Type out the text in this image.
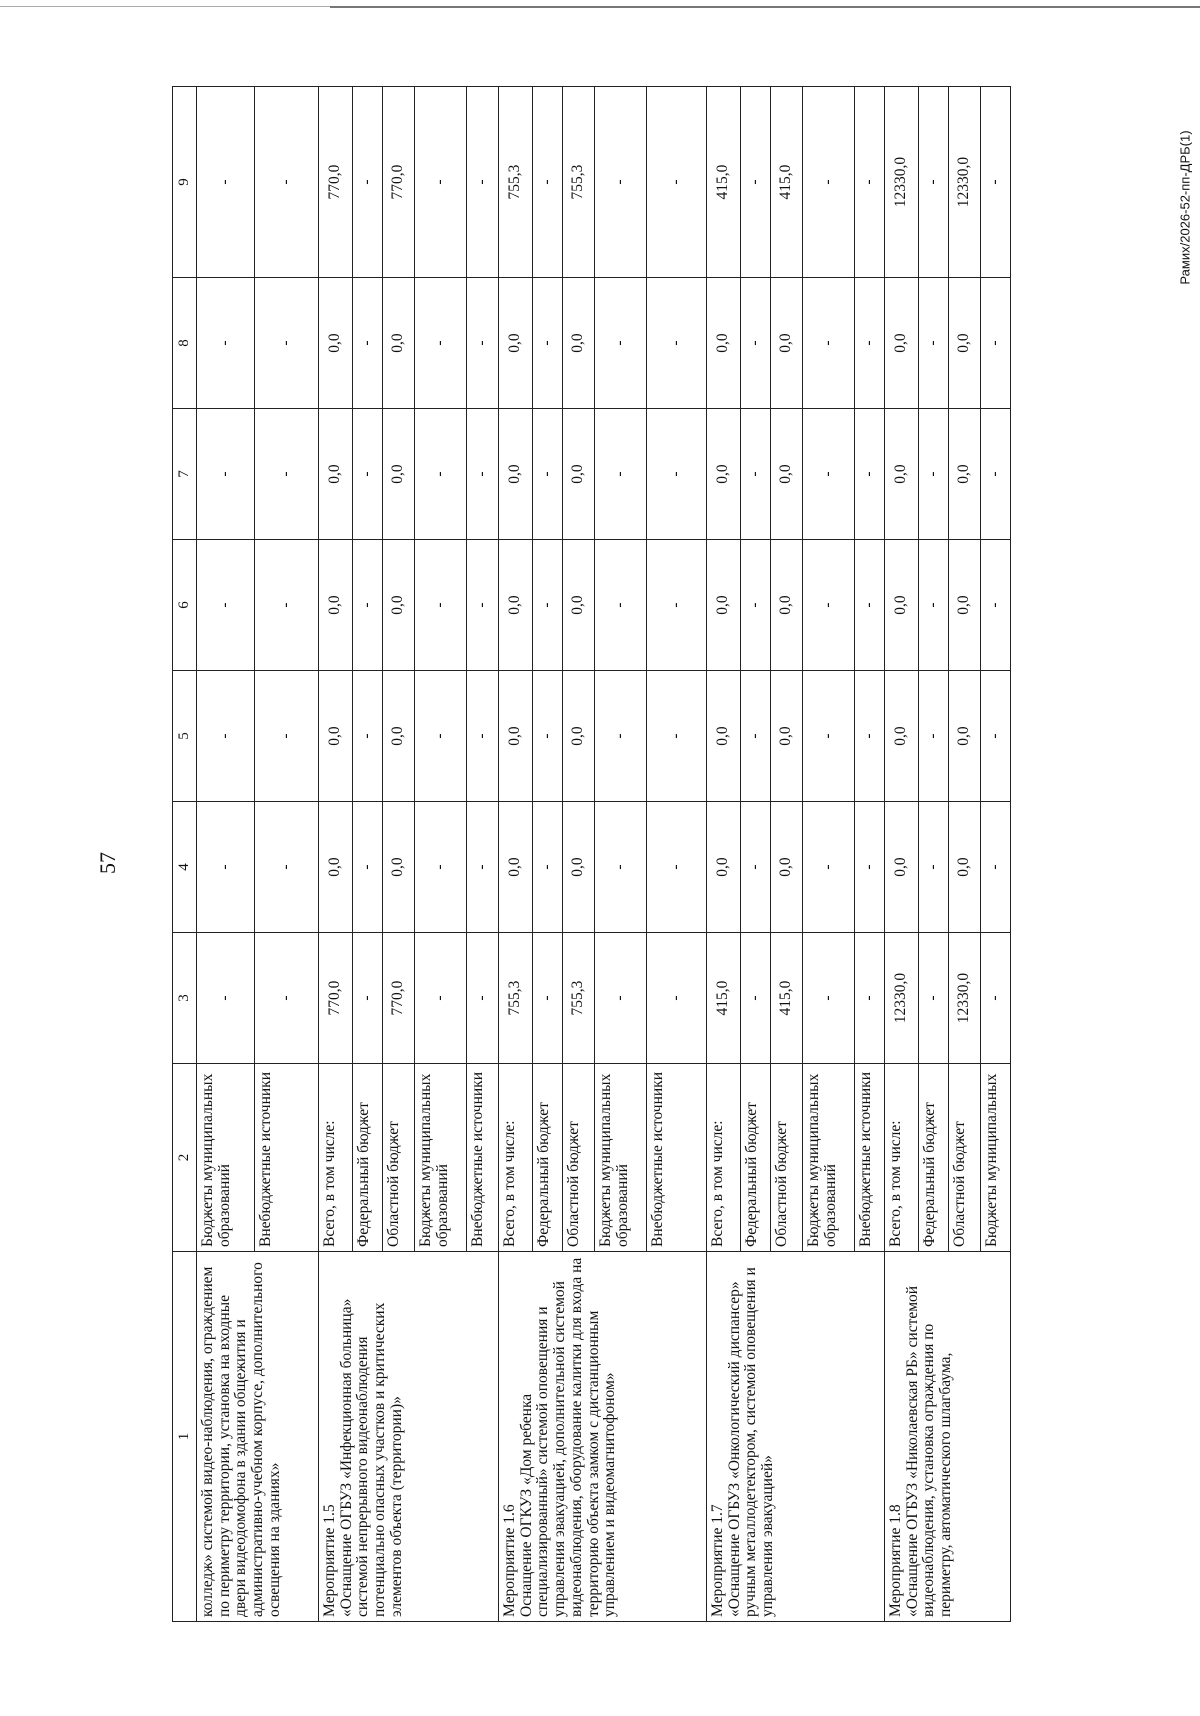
57
Рамих/2026-52-пп-ДРБ(1)
1	2	3	4	5	6	7	8	9
колледж» системой видео-наблюдения, ограждением по периметру территории, установка на входные двери видеодомофона в здании общежития и административно-учебном корпусе, дополнительного освещения на зданиях»	Бюджеты муниципальных образований	-	-	-	-	-	-	-
	Внебюджетные источники	-	-	-	-	-	-	-
Мероприятие 1.5
«Оснащение ОГБУЗ «Инфекционная больница» системой непрерывного видеонаблюдения потенциально опасных участков и критических элементов объекта (территории)»	Всего, в том числе:	770,0	0,0	0,0	0,0	0,0	0,0	770,0
	Федеральный бюджет	-	-	-	-	-	-	-
	Областной бюджет	770,0	0,0	0,0	0,0	0,0	0,0	770,0
	Бюджеты муниципальных образований	-	-	-	-	-	-	-
	Внебюджетные источники	-	-	-	-	-	-	-
Мероприятие 1.6
Оснащение ОГКУЗ «Дом ребенка специализированный» системой оповещения и управления эвакуацией, дополнительной системой видеонаблюдения, оборудование калитки для входа на территорию объекта замком с дистанционным управлением и видеомагнитофоном»	Всего, в том числе:	755,3	0,0	0,0	0,0	0,0	0,0	755,3
	Федеральный бюджет	-	-	-	-	-	-	-
	Областной бюджет	755,3	0,0	0,0	0,0	0,0	0,0	755,3
	Бюджеты муниципальных образований	-	-	-	-	-	-	-
	Внебюджетные источники	-	-	-	-	-	-	-
Мероприятие 1.7
«Оснащение ОГБУЗ «Онкологический диспансер» ручным металлодетектором, системой оповещения и управления эвакуацией»	Всего, в том числе:	415,0	0,0	0,0	0,0	0,0	0,0	415,0
	Федеральный бюджет	-	-	-	-	-	-	-
	Областной бюджет	415,0	0,0	0,0	0,0	0,0	0,0	415,0
	Бюджеты муниципальных образований	-	-	-	-	-	-	-
	Внебюджетные источники	-	-	-	-	-	-	-
Мероприятие 1.8
«Оснащение ОГБУЗ «Николаевская РБ» системой видеонаблюдения, установка ограждения по периметру, автоматического шлагбаума,	Всего, в том числе:	12330,0	0,0	0,0	0,0	0,0	0,0	12330,0
	Федеральный бюджет	-	-	-	-	-	-	-
	Областной бюджет	12330,0	0,0	0,0	0,0	0,0	0,0	12330,0
	Бюджеты муниципальных	-	-	-	-	-	-	-
